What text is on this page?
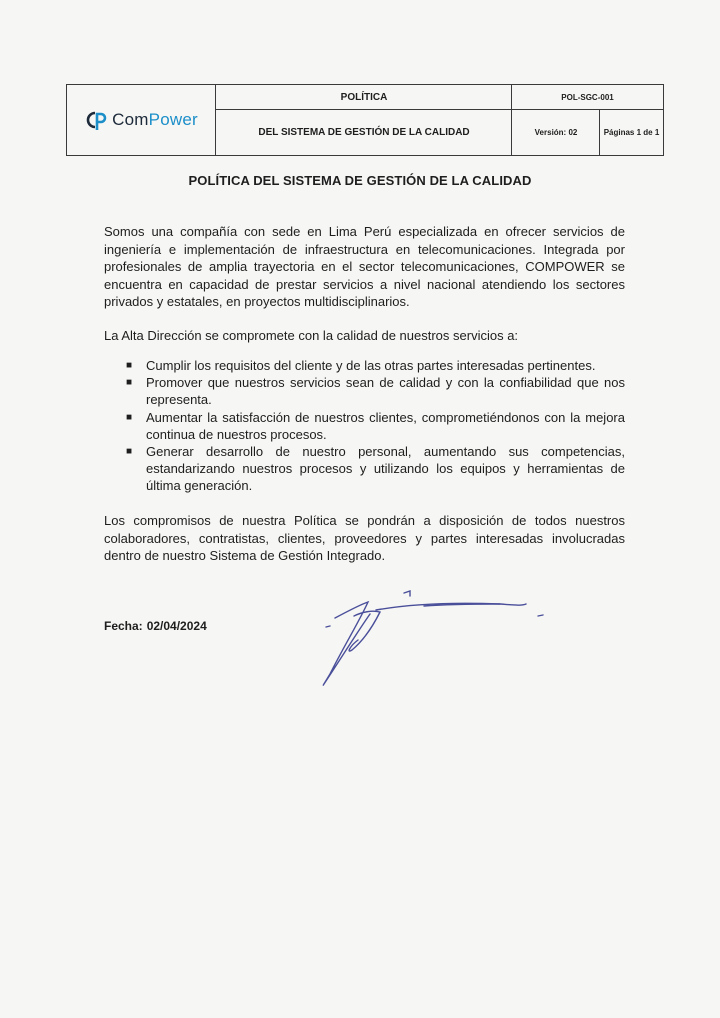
ComPower
POLÍTICA
DEL SISTEMA DE GESTIÓN DE LA CALIDAD
POL-SGC-001
Versión: 02	Páginas 1 de 1
POLÍTICA DEL SISTEMA DE GESTIÓN DE LA CALIDAD

Somos una compañía con sede en Lima Perú especializada en ofrecer servicios de ingeniería e implementación de infraestructura en telecomunicaciones. Integrada por profesionales de amplia trayectoria en el sector telecomunicaciones, COMPOWER se encuentra en capacidad de prestar servicios a nivel nacional atendiendo los sectores privados y estatales, en proyectos multidisciplinarios.

La Alta Dirección se compromete con la calidad de nuestros servicios a:

■ Cumplir los requisitos del cliente y de las otras partes interesadas pertinentes.
■ Promover que nuestros servicios sean de calidad y con la confiabilidad que nos representa.
■ Aumentar la satisfacción de nuestros clientes, comprometiéndonos con la mejora continua de nuestros procesos.
■ Generar desarrollo de nuestro personal, aumentando sus competencias, estandarizando nuestros procesos y utilizando los equipos y herramientas de última generación.

Los compromisos de nuestra Política se pondrán a disposición de todos nuestros colaboradores, contratistas, clientes, proveedores y partes interesadas involucradas dentro de nuestro Sistema de Gestión Integrado.

Fecha: 02/04/2024
